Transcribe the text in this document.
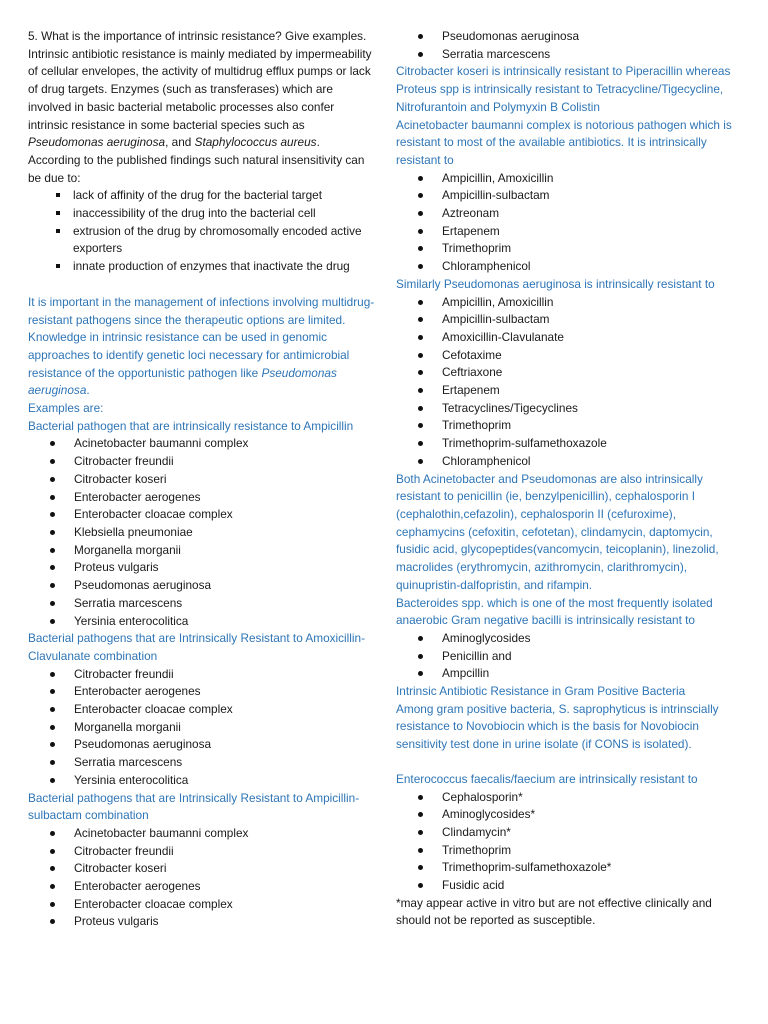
5. What is the importance of intrinsic resistance? Give examples.

Intrinsic antibiotic resistance is mainly mediated by impermeability of cellular envelopes, the activity of multidrug efflux pumps or lack of drug targets. Enzymes (such as transferases) which are involved in basic bacterial metabolic processes also confer intrinsic resistance in some bacterial species such as Pseudomonas aeruginosa, and Staphylococcus aureus.

According to the published findings such natural insensitivity can be due to:

lack of affinity of the drug for the bacterial target
inaccessibility of the drug into the bacterial cell
extrusion of the drug by chromosomally encoded active exporters
innate production of enzymes that inactivate the drug

It is important in the management of infections involving multidrug-resistant pathogens since the therapeutic options are limited. Knowledge in intrinsic resistance can be used in genomic approaches to identify genetic loci necessary for antimicrobial resistance of the opportunistic pathogen like Pseudomonas aeruginosa.

Examples are:

Bacterial pathogen that are intrinsically resistance to Ampicillin

Acinetobacter baumanni complex
Citrobacter freundii
Citrobacter koseri
Enterobacter aerogenes
Enterobacter cloacae complex
Klebsiella pneumoniae
Morganella morganii
Proteus vulgaris
Pseudomonas aeruginosa
Serratia marcescens
Yersinia enterocolitica

Bacterial pathogens that are Intrinsically Resistant to Amoxicillin-Clavulanate combination

Citrobacter freundii
Enterobacter aerogenes
Enterobacter cloacae complex
Morganella morganii
Pseudomonas aeruginosa
Serratia marcescens
Yersinia enterocolitica

Bacterial pathogens that are Intrinsically Resistant to Ampicillin-sulbactam combination

Acinetobacter baumanni complex
Citrobacter freundii
Citrobacter koseri
Enterobacter aerogenes
Enterobacter cloacae complex
Proteus vulgaris
Pseudomonas aeruginosa
Serratia marcescens

Citrobacter koseri is intrinsically resistant to Piperacillin whereas Proteus spp is intrinsically resistant to Tetracycline/Tigecycline, Nitrofurantoin and Polymyxin B Colistin

Acinetobacter baumanni complex is notorious pathogen which is resistant to most of the available antibiotics. It is intrinsically resistant to

Ampicillin, Amoxicillin
Ampicillin-sulbactam
Aztreonam
Ertapenem
Trimethoprim
Chloramphenicol

Similarly Pseudomonas aeruginosa is intrinsically resistant to

Ampicillin, Amoxicillin
Ampicillin-sulbactam
Amoxicillin-Clavulanate
Cefotaxime
Ceftriaxone
Ertapenem
Tetracyclines/Tigecyclines
Trimethoprim
Trimethoprim-sulfamethoxazole
Chloramphenicol

Both Acinetobacter and Pseudomonas are also intrinsically resistant to penicillin (ie, benzylpenicillin), cephalosporin I (cephalothin,cefazolin), cephalosporin II (cefuroxime), cephamycins (cefoxitin, cefotetan), clindamycin, daptomycin, fusidic acid, glycopeptides(vancomycin, teicoplanin), linezolid, macrolides (erythromycin, azithromycin, clarithromycin), quinupristin-dalfopristin, and rifampin.

Bacteroides spp. which is one of the most frequently isolated anaerobic Gram negative bacilli is intrinsically resistant to

Aminoglycosides
Penicillin and
Ampcillin

Intrinsic Antibiotic Resistance in Gram Positive Bacteria

Among gram positive bacteria, S. saprophyticus is intrinscially resistance to Novobiocin which is the basis for Novobiocin sensitivity test done in urine isolate (if CONS is isolated).

Enterococcus faecalis/faecium are intrinsically resistant to

Cephalosporin*
Aminoglycosides*
Clindamycin*
Trimethoprim
Trimethoprim-sulfamethoxazole*
Fusidic acid

*may appear active in vitro but are not effective clinically and should not be reported as susceptible.
